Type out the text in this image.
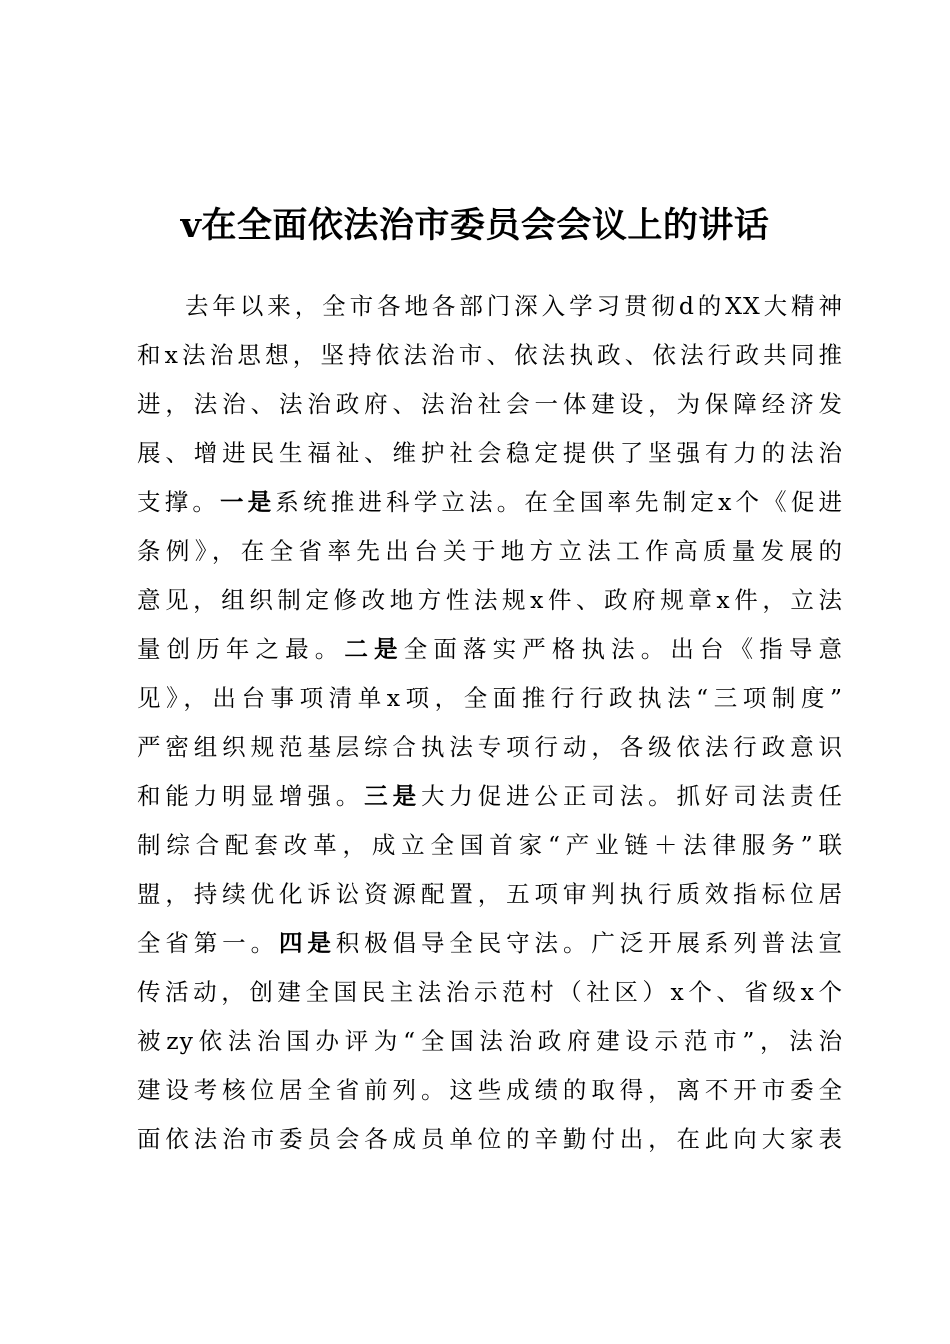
v在全面依法治市委员会会议上的讲话
去年以来，全市各地各部门深入学习贯彻d的XX大精神
和x法治思想，坚持依法治市、依法执政、依法行政共同推
进，法治、法治政府、法治社会一体建设，为保障经济发
展、增进民生福祉、维护社会稳定提供了坚强有力的法治
支撑。一是系统推进科学立法。在全国率先制定x个《促进
条例》，在全省率先出台关于地方立法工作高质量发展的
意见，组织制定修改地方性法规x件、政府规章x件，立法
量创历年之最。二是全面落实严格执法。出台《指导意
见》，出台事项清单x项，全面推行行政执法“三项制度”
严密组织规范基层综合执法专项行动，各级依法行政意识
和能力明显增强。三是大力促进公正司法。抓好司法责任
制综合配套改革，成立全国首家“产业链＋法律服务”联
盟，持续优化诉讼资源配置，五项审判执行质效指标位居
全省第一。四是积极倡导全民守法。广泛开展系列普法宣
传活动，创建全国民主法治示范村（社区）x个、省级x个
被zy依法治国办评为“全国法治政府建设示范市”，法治
建设考核位居全省前列。这些成绩的取得，离不开市委全
面依法治市委员会各成员单位的辛勤付出，在此向大家表
